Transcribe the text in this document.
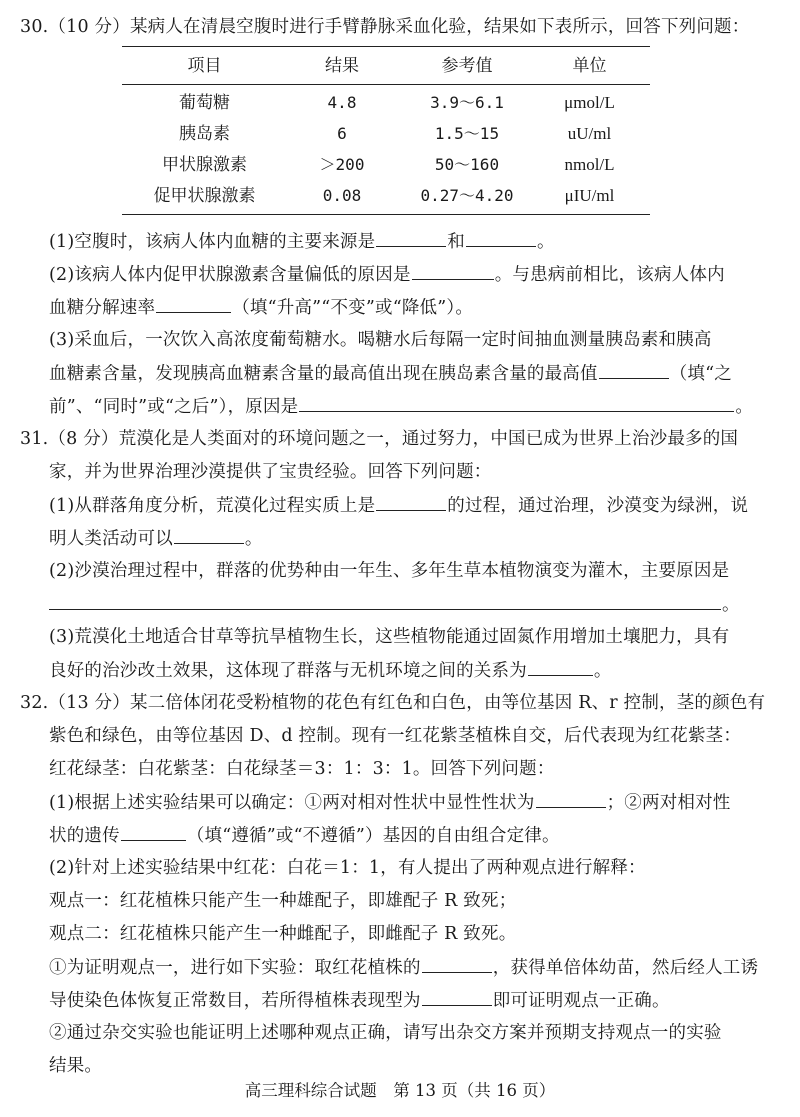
30.（10 分）某病人在清晨空腹时进行手臂静脉采血化验，结果如下表所示，回答下列问题：
项目	结果	参考值	单位
葡萄糖	4.8	3.9～6.1	μmol/L
胰岛素	6	1.5～15	uU/ml
甲状腺激素	＞200	50～160	nmol/L
促甲状腺激素	0.08	0.27～4.20	μIU/ml
(1)空腹时，该病人体内血糖的主要来源是	和	。
(2)该病人体内促甲状腺激素含量偏低的原因是	。与患病前相比，该病人体内
血糖分解速率	（填“升高”“不变”或“降低”）。
(3)采血后，一次饮入高浓度葡萄糖水。喝糖水后每隔一定时间抽血测量胰岛素和胰高
血糖素含量，发现胰高血糖素含量的最高值出现在胰岛素含量的最高值	（填“之
前”、“同时”或“之后”），原因是	。
31.（8 分）荒漠化是人类面对的环境问题之一，通过努力，中国已成为世界上治沙最多的国
家，并为世界治理沙漠提供了宝贵经验。回答下列问题：
(1)从群落角度分析，荒漠化过程实质上是	的过程，通过治理，沙漠变为绿洲，说
明人类活动可以	。
(2)沙漠治理过程中，群落的优势种由一年生、多年生草本植物演变为灌木，主要原因是
。
(3)荒漠化土地适合甘草等抗旱植物生长，这些植物能通过固氮作用增加土壤肥力，具有
良好的治沙改土效果，这体现了群落与无机环境之间的关系为	。
32.（13 分）某二倍体闭花受粉植物的花色有红色和白色，由等位基因 R、r 控制，茎的颜色有
紫色和绿色，由等位基因 D、d 控制。现有一红花紫茎植株自交，后代表现为红花紫茎：
红花绿茎：白花紫茎：白花绿茎＝3：1：3：1。回答下列问题：
(1)根据上述实验结果可以确定：①两对相对性状中显性性状为	；②两对相对性
状的遗传	（填“遵循”或“不遵循”）基因的自由组合定律。
(2)针对上述实验结果中红花：白花＝1：1，有人提出了两种观点进行解释：
观点一：红花植株只能产生一种雄配子，即雄配子 R 致死；
观点二：红花植株只能产生一种雌配子，即雌配子 R 致死。
①为证明观点一，进行如下实验：取红花植株的	，获得单倍体幼苗，然后经人工诱
导使染色体恢复正常数目，若所得植株表现型为	即可证明观点一正确。
②通过杂交实验也能证明上述哪种观点正确，请写出杂交方案并预期支持观点一的实验
结果。
高三理科综合试题　第 13 页（共 16 页）
